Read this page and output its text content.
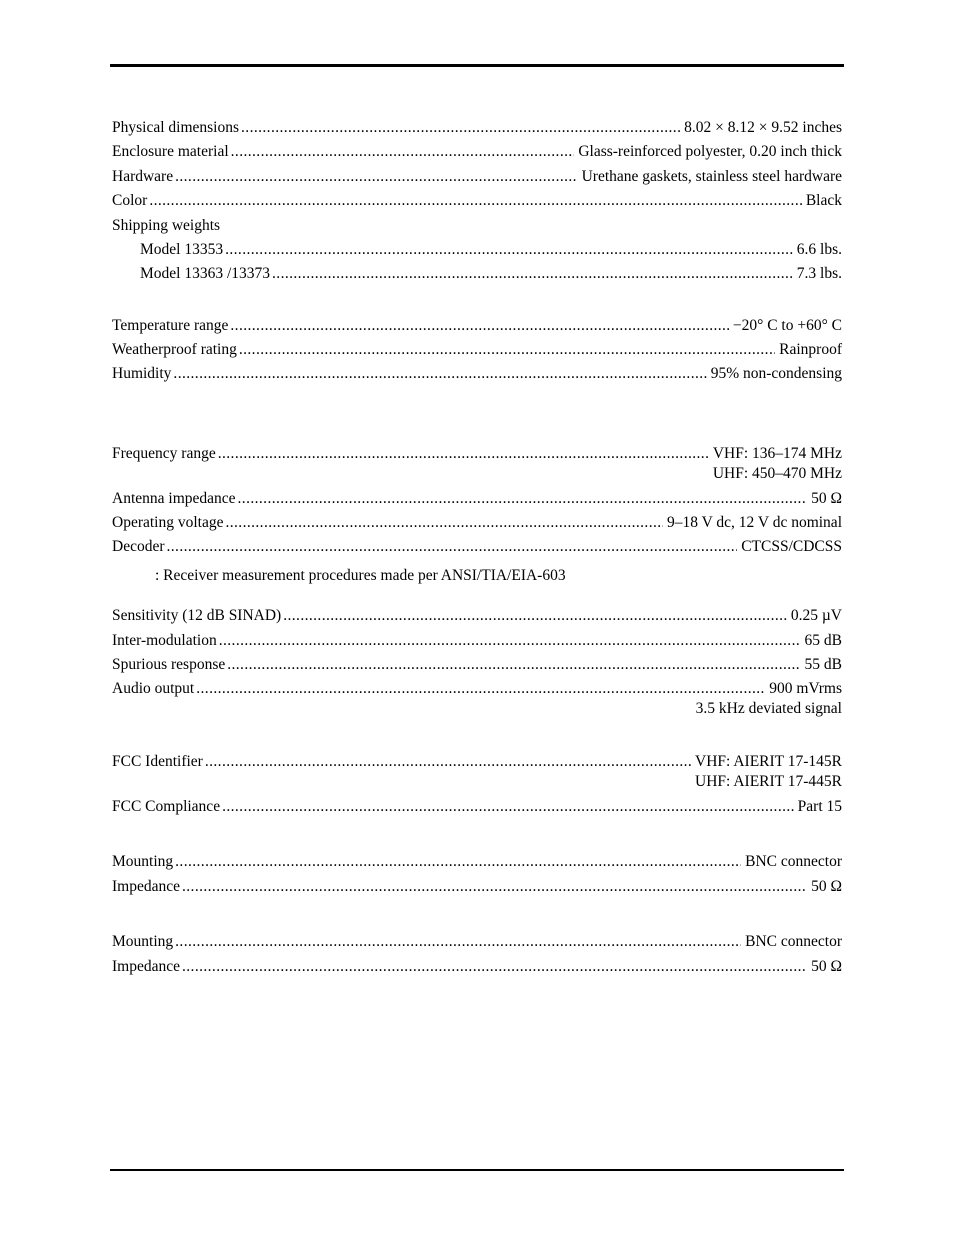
Physical dimensions .....	8.02 × 8.12 × 9.52 inches
Enclosure material .....	Glass-reinforced polyester, 0.20 inch thick
Hardware .....	Urethane gaskets, stainless steel hardware
Color .....	Black
Shipping weights
Model 13353 .....	6.6 lbs.
Model 13363 /13373 .....	7.3 lbs.
Temperature range .....	−20° C to +60° C
Weatherproof rating .....	Rainproof
Humidity .....	95% non-condensing
Frequency range .....	VHF: 136–174 MHz
UHF: 450–470 MHz
Antenna impedance .....	50 Ω
Operating voltage .....	9–18 V dc, 12 V dc nominal
Decoder .....	CTCSS/CDCSS
: Receiver measurement procedures made per ANSI/TIA/EIA-603
Sensitivity (12 dB SINAD) .....	0.25 µV
Inter-modulation .....	65 dB
Spurious response .....	55 dB
Audio output .....	900 mVrms
3.5 kHz deviated signal
FCC Identifier .....	VHF: AIERIT 17-145R
UHF: AIERIT 17-445R
FCC Compliance .....	Part 15
Mounting .....	BNC connector
Impedance .....	50 Ω
Mounting .....	BNC connector
Impedance .....	50 Ω
